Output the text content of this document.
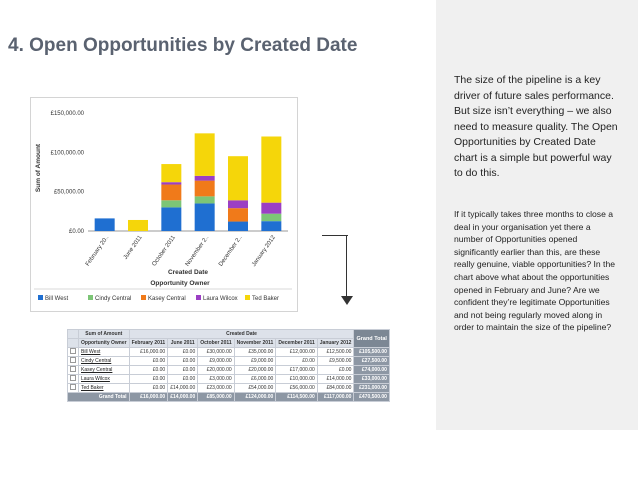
4. Open Opportunities by Created Date
£0.00
£50,000.00
£100,000.00
£150,000.00
Sum of Amount
February 20.. June 2011 October 2011 November 2.. December 2.. January 2012
Created Date
Opportunity Owner
Bill West	Cindy Central	Kasey Central	Laura Wilcox Ted Baker
	Sum of Amount	Created Date						Grand Total
	Opportunity Owner	February 2011	June 2011	October 2011	November 2011	December 2011	January 2012	
	Bill West	£16,000.00	£0.00	£30,000.00	£35,000.00	£12,000.00	£12,500.00	£105,500.00
	Cindy Central	£0.00	£0.00	£9,000.00	£9,000.00	£0.00	£9,500.00	£27,500.00
	Kasey Central	£0.00	£0.00	£20,000.00	£20,000.00	£17,000.00	£0.00	£74,000.00
	Laura Wilcox	£0.00	£0.00	£3,000.00	£6,000.00	£10,000.00	£14,000.00	£33,000.00
	Ted Baker	£0.00	£14,000.00	£23,000.00	£54,000.00	£56,000.00	£84,000.00	£231,000.00
Grand Total		£16,000.00	£14,000.00	£85,000.00	£124,000.00	£114,500.00	£117,000.00	£470,500.00
The size of the pipeline is a key driver of future sales performance. But size isn’t everything – we also need to measure quality. The Open Opportunities by Created Date chart is a simple but powerful way to do this.
If it typically takes three months to close a deal in your organisation yet there a number of Opportunities opened significantly earlier than this, are these really genuine, viable opportunities? In the chart above what about the opportunities opened in February and June? Are we confident they’re legitimate Opportunities and not being regularly moved along in order to maintain the size of the pipeline?
